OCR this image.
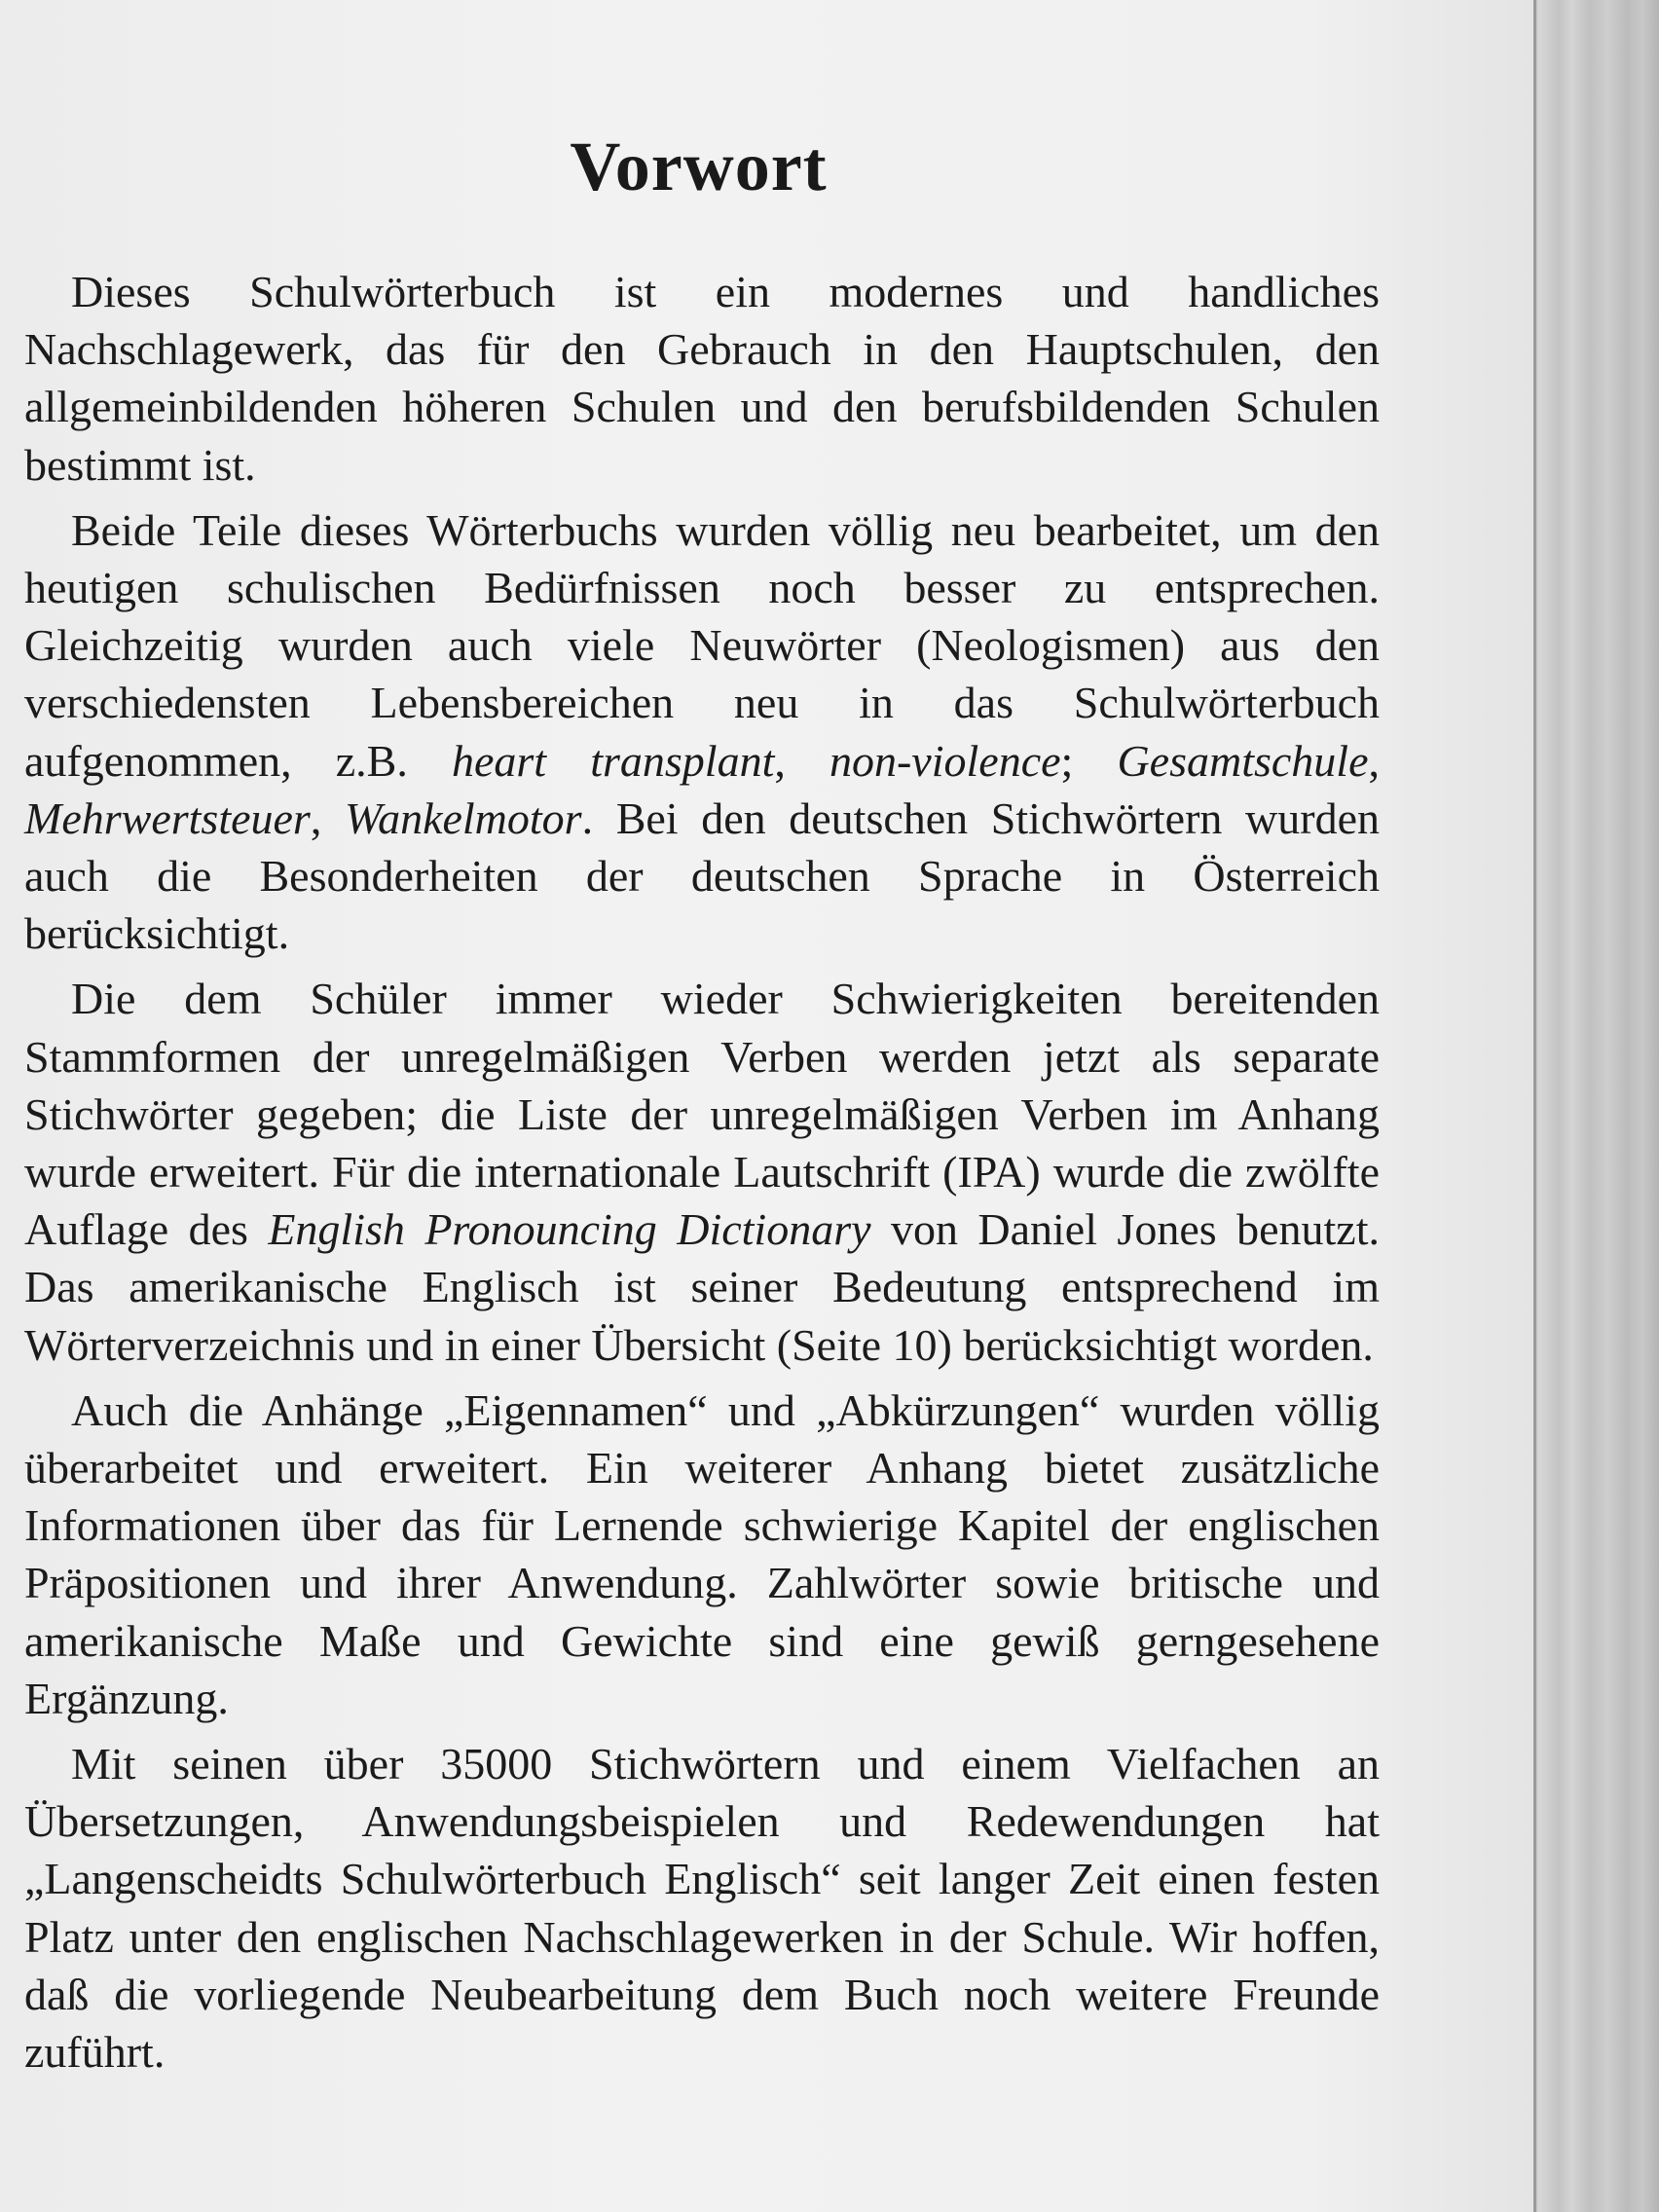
Vorwort

Dieses Schulwörterbuch ist ein modernes und handliches Nachschlagewerk, das für den Gebrauch in den Hauptschulen, den allgemeinbildenden höheren Schulen und den berufsbildenden Schulen bestimmt ist.

Beide Teile dieses Wörterbuchs wurden völlig neu bearbeitet, um den heutigen schulischen Bedürfnissen noch besser zu entsprechen. Gleichzeitig wurden auch viele Neuwörter (Neologismen) aus den verschiedensten Lebensbereichen neu in das Schulwörterbuch aufgenommen, z.B. heart transplant, non-violence; Gesamtschule, Mehrwertsteuer, Wankelmotor. Bei den deutschen Stichwörtern wurden auch die Besonderheiten der deutschen Sprache in Österreich berücksichtigt.

Die dem Schüler immer wieder Schwierigkeiten bereitenden Stammformen der unregelmäßigen Verben werden jetzt als separate Stichwörter gegeben; die Liste der unregelmäßigen Verben im Anhang wurde erweitert. Für die internationale Lautschrift (IPA) wurde die zwölfte Auflage des English Pronouncing Dictionary von Daniel Jones benutzt. Das amerikanische Englisch ist seiner Bedeutung entsprechend im Wörterverzeichnis und in einer Übersicht (Seite 10) berücksichtigt worden.

Auch die Anhänge „Eigennamen“ und „Abkürzungen“ wurden völlig überarbeitet und erweitert. Ein weiterer Anhang bietet zusätzliche Informationen über das für Lernende schwierige Kapitel der englischen Präpositionen und ihrer Anwendung. Zahlwörter sowie britische und amerikanische Maße und Gewichte sind eine gewiß gerngesehene Ergänzung.

Mit seinen über 35000 Stichwörtern und einem Vielfachen an Übersetzungen, Anwendungsbeispielen und Redewendungen hat „Langenscheidts Schulwörterbuch Englisch“ seit langer Zeit einen festen Platz unter den englischen Nachschlagewerken in der Schule. Wir hoffen, daß die vorliegende Neubearbeitung dem Buch noch weitere Freunde zuführt.
